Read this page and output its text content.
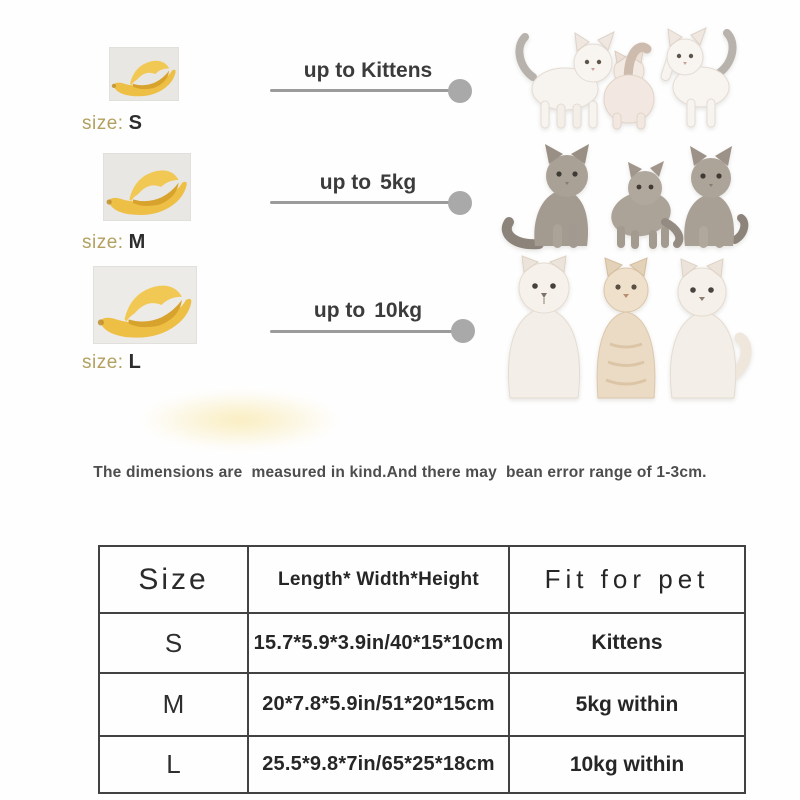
size: S
up to Kittens
size: M
up to 5kg
size: L
up to 10kg
The dimensions are  measured in kind.And there may  bean error range of 1-3cm.
Size	Length* Width*Height	Fit for pet
S	15.7*5.9*3.9in/40*15*10cm	Kittens
M	20*7.8*5.9in/51*20*15cm	5kg within
L	25.5*9.8*7in/65*25*18cm	10kg within
